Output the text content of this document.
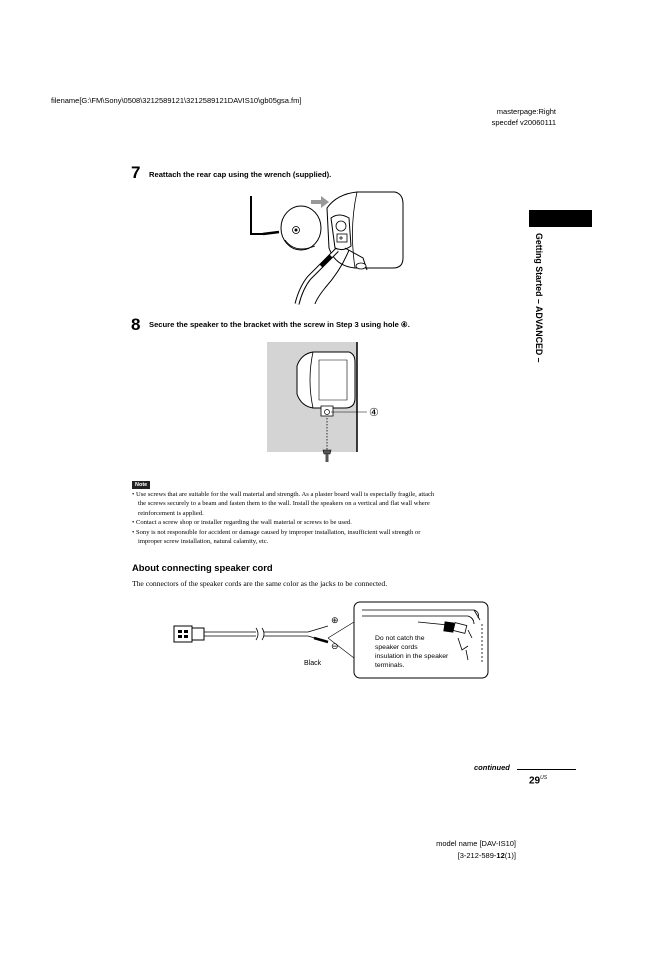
filename[G:\FM\Sony\0508\3212589121\3212589121DAVIS10\gb05gsa.fm]
masterpage:Right
specdef v20060111
Getting Started – ADVANCED –
7 Reattach the rear cap using the wrench (supplied).
8 Secure the speaker to the bracket with the screw in Step 3 using hole ④.
④
Note
• Use screws that are suitable for the wall material and strength. As a plaster board wall is especially fragile, attach
the screws securely to a beam and fasten them to the wall. Install the speakers on a vertical and flat wall where
reinforcement is applied.
• Contact a screw shop or installer regarding the wall material or screws to be used.
• Sony is not responsible for accident or damage caused by improper installation, insufficient wall strength or
improper screw installation, natural calamity, etc.
About connecting speaker cord
The connectors of the speaker cords are the same color as the jacks to be connected.
⊕
⊖
Black
Do not catch the
speaker cords
insulation in the speaker
terminals.
continued
$29^{US}$
model name [DAV-IS10]
[3-212-589-12(1)]
